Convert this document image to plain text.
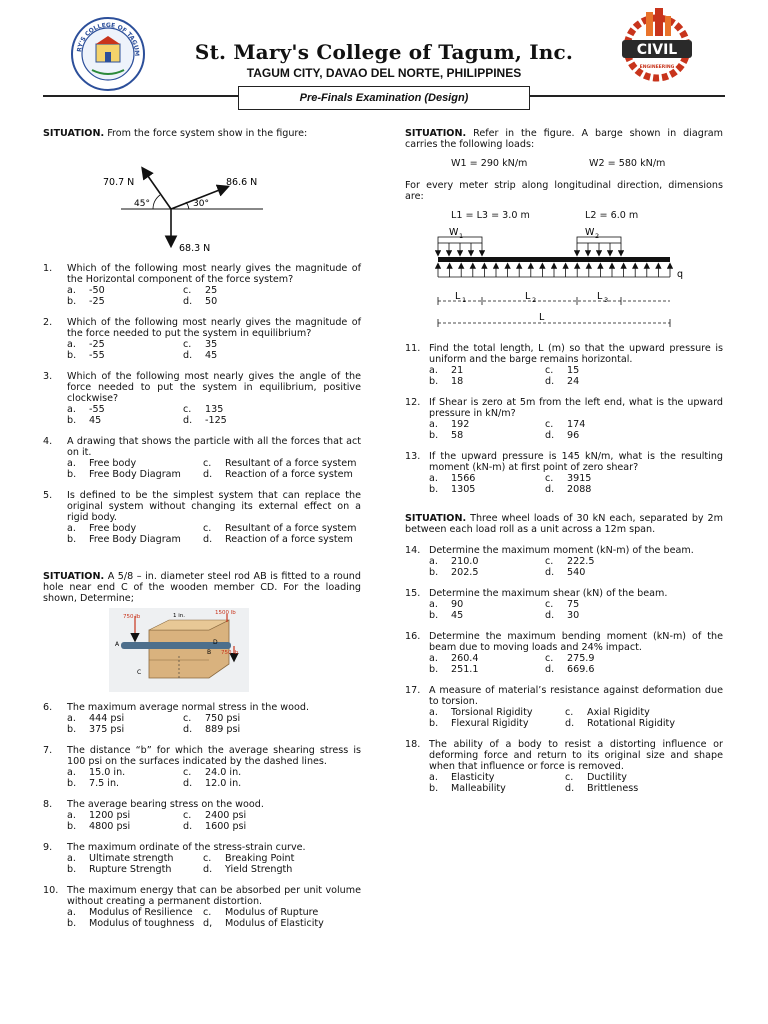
RY'S COLLEGE OF TAGUM	CIVIL
ENGINEERING
St. Mary's College of Tagum, Inc.
TAGUM CITY, DAVAO DEL NORTE, PHILIPPINES
Pre-Finals Examination (Design)
SITUATION. From the force system show in the figure:
70.7 N	86.6 N
68.3 N
45°	30°
1. Which of the following most nearly gives the magnitude of the Horizontal component of the force system?
a. -50	c. 25
b. -25	d. 50
2. Which of the following most nearly gives the magnitude of the force needed to put the system in equilibrium?
a. -25	c. 35
b. -55	d. 45
3. Which of the following most nearly gives the angle of the force needed to put the system in equilibrium, positive clockwise?
a. -55	c. 135
b. 45	d. -125
4. A drawing that shows the particle with all the forces that act on it.
a. Free body	c. Resultant of a force system
b. Free Body Diagram	d. Reaction of a force system
5. Is defined to be the simplest system that can replace the original system without changing its external effect on a rigid body.
a. Free body	c. Resultant of a force system
b. Free Body Diagram	d. Reaction of a force system
SITUATION. A 5/8 – in. diameter steel rod AB is fitted to a round hole near end C of the wooden member CD. For the loading shown, Determine;
750 lb
1500 lb
750 lb
1 in.
A
B
C
D
6. The maximum average normal stress in the wood.
a. 444 psi	c. 750 psi
b. 375 psi	d. 889 psi
7. The distance “b” for which the average shearing stress is 100 psi on the surfaces indicated by the dashed lines.
a. 15.0 in.	c. 24.0 in.
b. 7.5 in.	d. 12.0 in.
8. The average bearing stress on the wood.
a. 1200 psi	c. 2400 psi
b. 4800 psi	d. 1600 psi
9. The maximum ordinate of the stress-strain curve.
a. Ultimate strength	c. Breaking Point
b. Rupture Strength	d. Yield Strength
10. The maximum energy that can be absorbed per unit volume without creating a permanent distortion.
a. Modulus of Resilience	c. Modulus of Rupture
b. Modulus of toughness d, Modulus of Elasticity
SITUATION. Refer in the figure. A barge shown in diagram carries the following loads:
W1 = 290 kN/m	W2 = 580 kN/m
For every meter strip along longitudinal direction, dimensions are:
L1 = L3 = 3.0 m	L2 = 6.0 m
W 1	W 2
q
L 1	L 2	L 3
L
11. Find the total length, L (m) so that the upward pressure is uniform and the barge remains horizontal.
a. 21	c. 15
b. 18	d. 24
12. If Shear is zero at 5m from the left end, what is the upward pressure in kN/m?
a. 192	c. 174
b. 58	d. 96
13. If the upward pressure is 145 kN/m, what is the resulting moment (kN-m) at first point of zero shear?
a. 1566	c. 3915
b. 1305	d. 2088
SITUATION. Three wheel loads of 30 kN each, separated by 2m between each load roll as a unit across a 12m span.
14. Determine the maximum moment (kN-m) of the beam.
a. 210.0	c. 222.5
b. 202.5	d. 540
15. Determine the maximum shear (kN) of the beam.
a. 90	c. 75
b. 45	d. 30
16. Determine the maximum bending moment (kN-m) of the beam due to moving loads and 24% impact.
a. 260.4	c. 275.9
b. 251.1	d. 669.6
17. A measure of material’s resistance against deformation due to torsion.
a. Torsional Rigidity	c. Axial Rigidity
b. Flexural Rigidity	d. Rotational Rigidity
18. The ability of a body to resist a distorting influence or deforming force and return to its original size and shape when that influence or force is removed.
a. Elasticity	c. Ductility
b. Malleability	d. Brittleness
